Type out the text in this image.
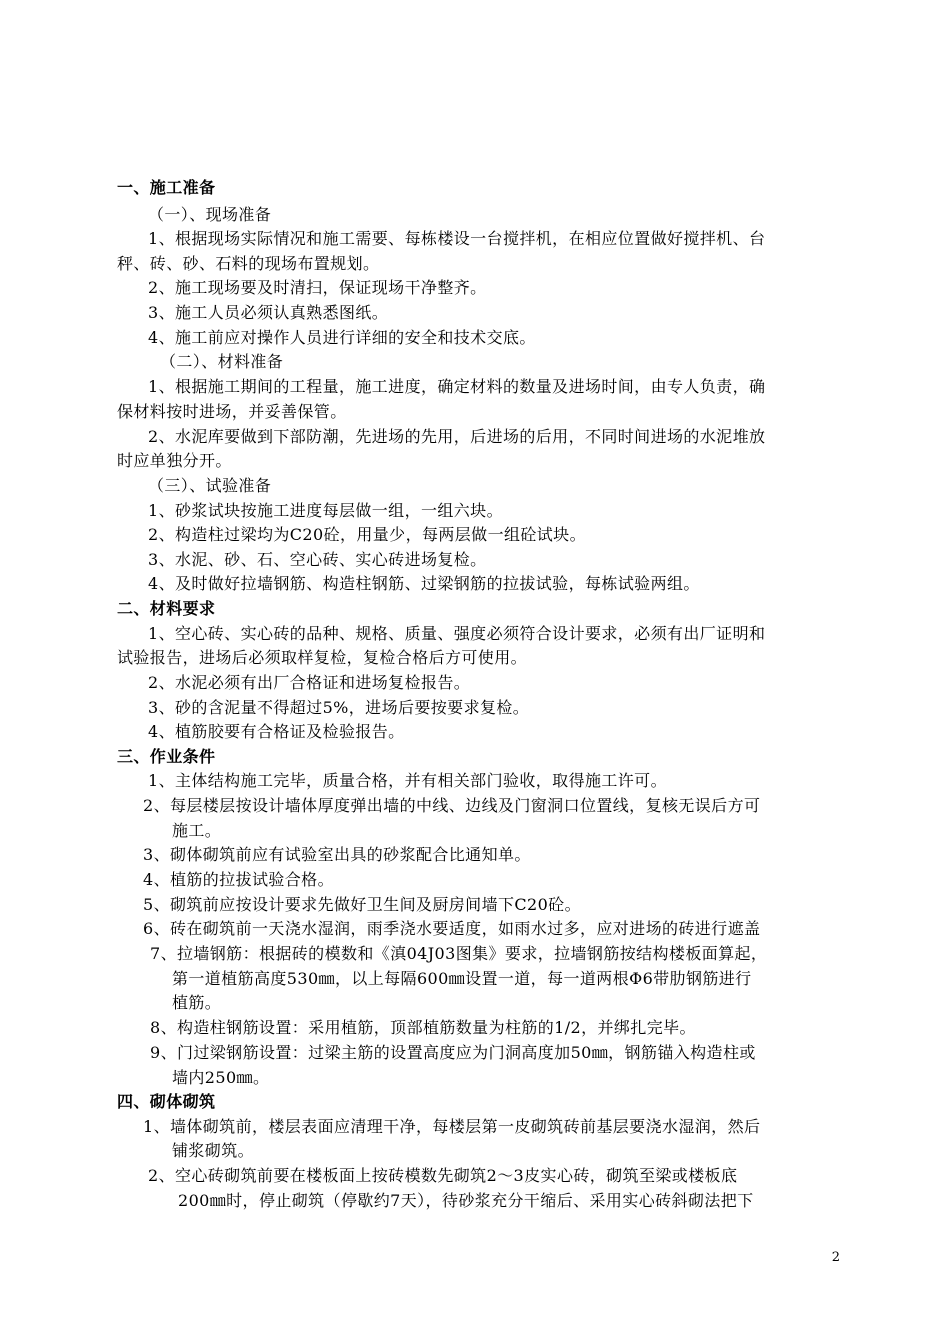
一、施工准备
（一）、现场准备
1、根据现场实际情况和施工需要、每栋楼设一台搅拌机，在相应位置做好搅拌机、台
秤、砖、砂、石料的现场布置规划。
2、施工现场要及时清扫，保证现场干净整齐。
3、施工人员必须认真熟悉图纸。
4、施工前应对操作人员进行详细的安全和技术交底。
（二）、材料准备
1、根据施工期间的工程量，施工进度，确定材料的数量及进场时间，由专人负责，确
保材料按时进场，并妥善保管。
2、水泥库要做到下部防潮，先进场的先用，后进场的后用，不同时间进场的水泥堆放
时应单独分开。
（三）、试验准备
1、砂浆试块按施工进度每层做一组，一组六块。
2、构造柱过梁均为C20砼，用量少，每两层做一组砼试块。
3、水泥、砂、石、空心砖、实心砖进场复检。
4、及时做好拉墙钢筋、构造柱钢筋、过梁钢筋的拉拔试验，每栋试验两组。
二、材料要求
1、空心砖、实心砖的品种、规格、质量、强度必须符合设计要求，必须有出厂证明和
试验报告，进场后必须取样复检，复检合格后方可使用。
2、水泥必须有出厂合格证和进场复检报告。
3、砂的含泥量不得超过5%，进场后要按要求复检。
4、植筋胶要有合格证及检验报告。
三、作业条件
1、主体结构施工完毕，质量合格，并有相关部门验收，取得施工许可。
2、每层楼层按设计墙体厚度弹出墙的中线、边线及门窗洞口位置线，复核无误后方可
施工。
3、砌体砌筑前应有试验室出具的砂浆配合比通知单。
4、植筋的拉拔试验合格。
5、砌筑前应按设计要求先做好卫生间及厨房间墙下C20砼。
6、砖在砌筑前一天浇水湿润，雨季浇水要适度，如雨水过多，应对进场的砖进行遮盖
7、拉墙钢筋：根据砖的模数和《滇04J03图集》要求，拉墙钢筋按结构楼板面算起，
第一道植筋高度530㎜，以上每隔600㎜设置一道，每一道两根Φ6带肋钢筋进行
植筋。
8、构造柱钢筋设置：采用植筋，顶部植筋数量为柱筋的1/2，并绑扎完毕。
9、门过梁钢筋设置：过梁主筋的设置高度应为门洞高度加50㎜，钢筋锚入构造柱或
墙内250㎜。
四、砌体砌筑
1、墙体砌筑前，楼层表面应清理干净，每楼层第一皮砌筑砖前基层要浇水湿润，然后
铺浆砌筑。
2、空心砖砌筑前要在楼板面上按砖模数先砌筑2～3皮实心砖，砌筑至梁或楼板底
200㎜时，停止砌筑（停歇约7天），待砂浆充分干缩后、采用实心砖斜砌法把下
2
